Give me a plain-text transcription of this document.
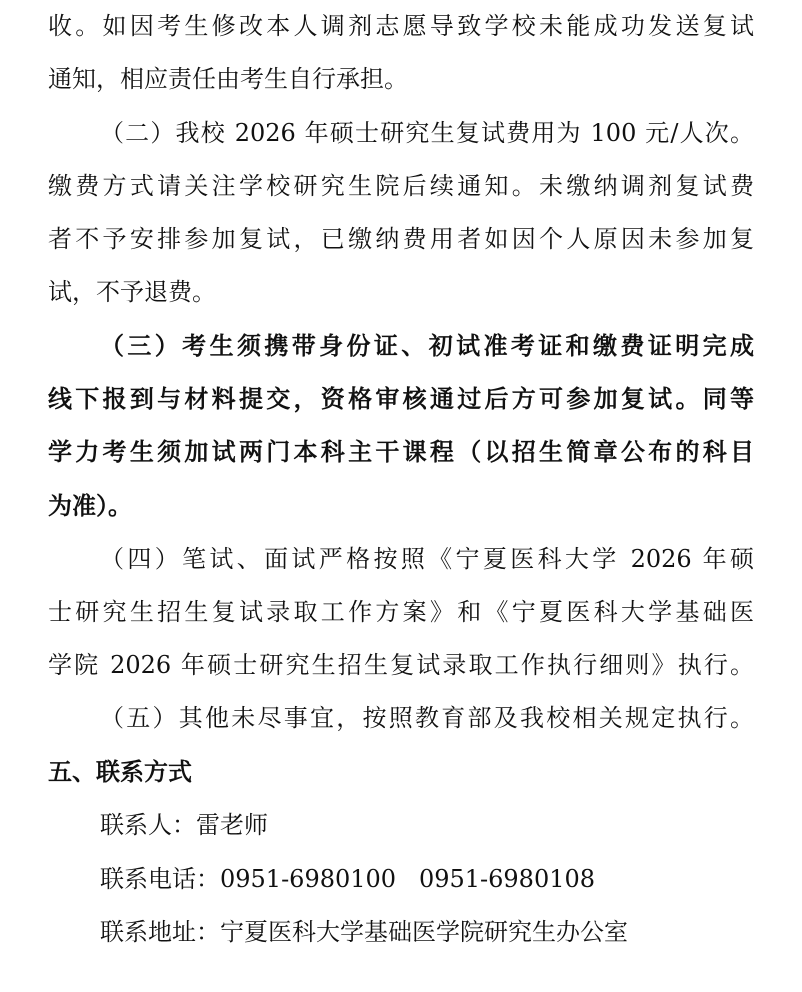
收。如因考生修改本人调剂志愿导致学校未能成功发送复试
通知，相应责任由考生自行承担。
（二）我校 2026 年硕士研究生复试费用为 100 元/人次。
缴费方式请关注学校研究生院后续通知。未缴纳调剂复试费
者不予安排参加复试，已缴纳费用者如因个人原因未参加复
试，不予退费。
（三）考生须携带身份证、初试准考证和缴费证明完成
线下报到与材料提交，资格审核通过后方可参加复试。同等
学力考生须加试两门本科主干课程（以招生简章公布的科目
为准）。
（四）笔试、面试严格按照《宁夏医科大学 2026 年硕
士研究生招生复试录取工作方案》和《宁夏医科大学基础医
学院 2026 年硕士研究生招生复试录取工作执行细则》执行。
（五）其他未尽事宜，按照教育部及我校相关规定执行。
五、联系方式
联系人：雷老师
联系电话：0951-6980100   0951-6980108
联系地址：宁夏医科大学基础医学院研究生办公室
